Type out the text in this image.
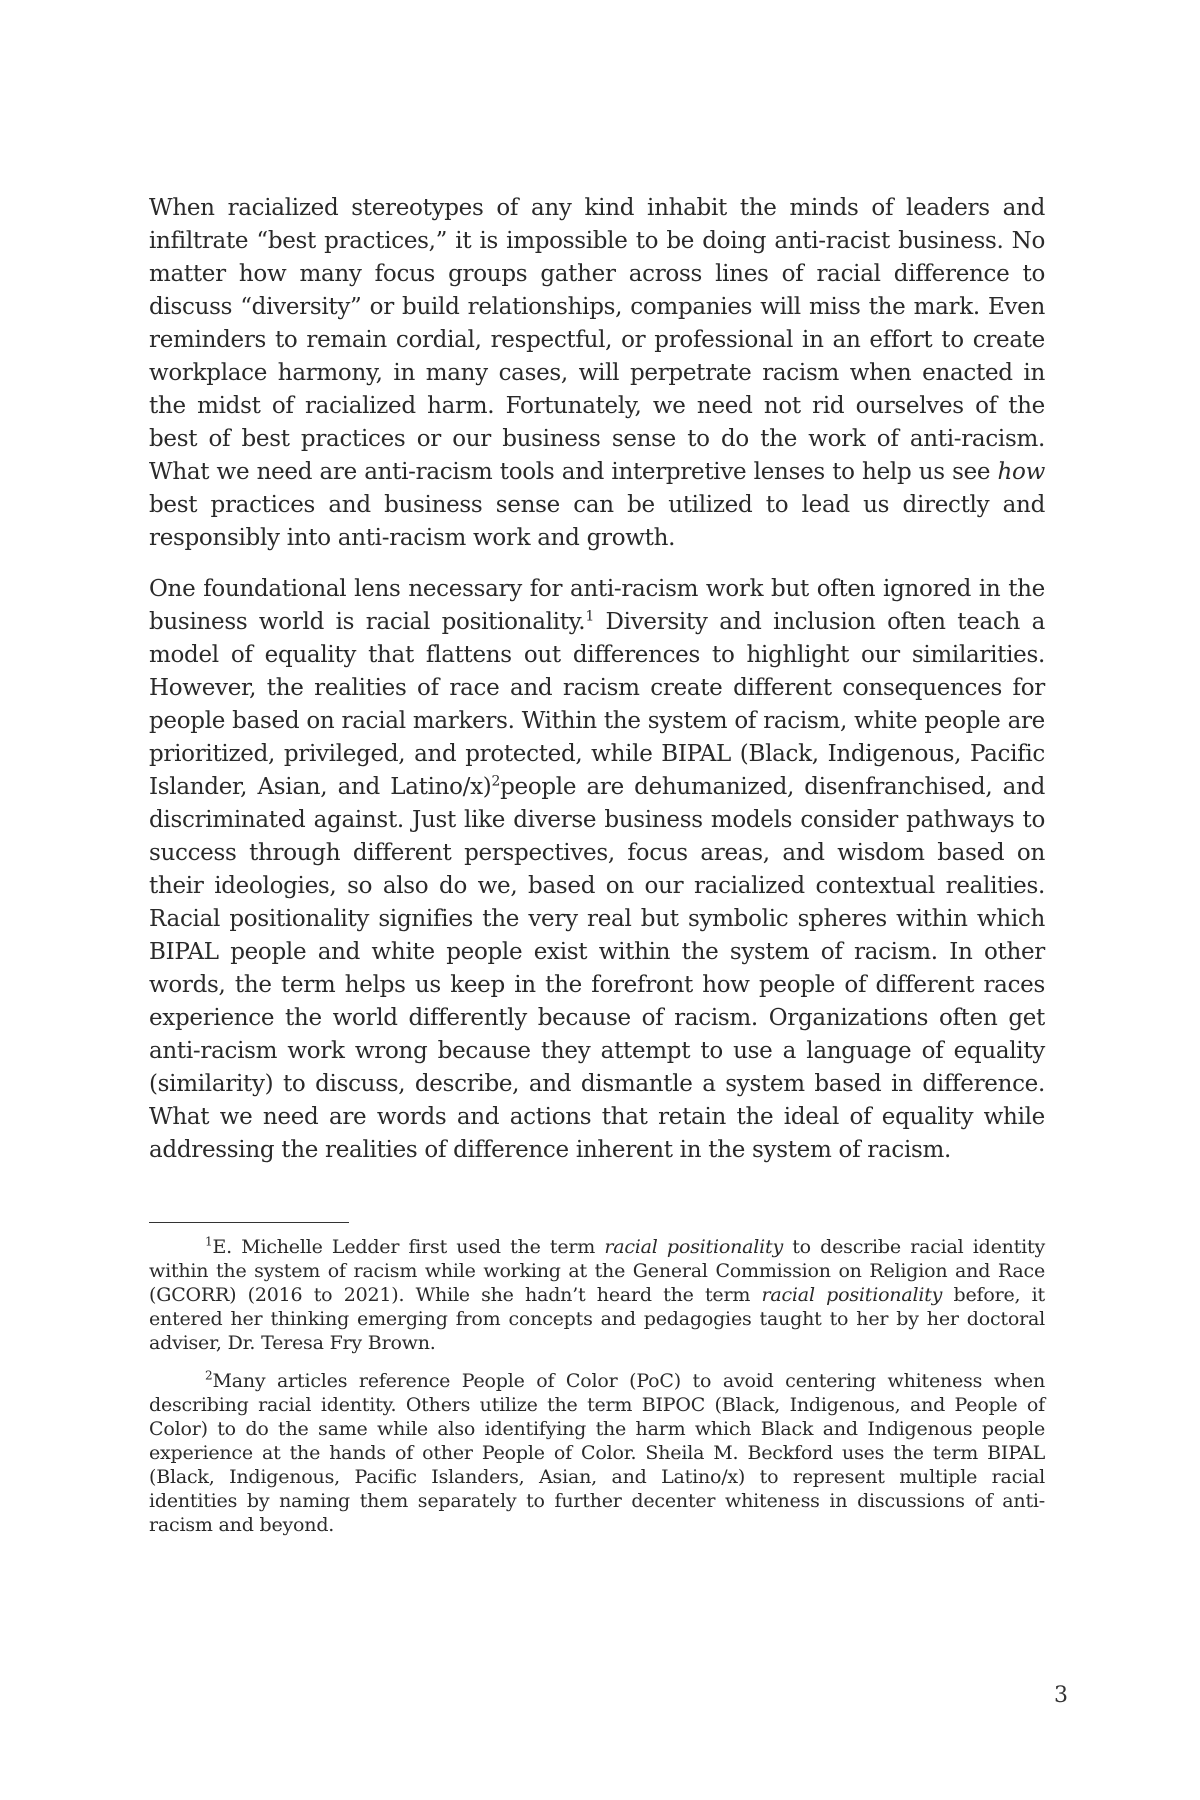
When racialized stereotypes of any kind inhabit the minds of leaders and infiltrate “best practices,” it is impossible to be doing anti-racist business. No matter how many focus groups gather across lines of racial difference to discuss “diversity” or build relationships, companies will miss the mark. Even reminders to remain cordial, respectful, or professional in an effort to create workplace harmony, in many cases, will perpetrate racism when enacted in the midst of racialized harm. Fortunately, we need not rid ourselves of the best of best practices or our business sense to do the work of anti-racism. What we need are anti-racism tools and interpretive lenses to help us see how best practices and business sense can be utilized to lead us directly and responsibly into anti-racism work and growth.

One foundational lens necessary for anti-racism work but often ignored in the business world is racial positionality.$^1$ Diversity and inclusion often teach a model of equality that flattens out differences to highlight our similarities. However, the realities of race and racism create different consequences for people based on racial markers. Within the system of racism, white people are prioritized, privileged, and protected, while BIPAL (Black, Indigenous, Pacific Islander, Asian, and Latino/x)$^2$people are dehumanized, disenfranchised, and discriminated against. Just like diverse business models consider pathways to success through different perspectives, focus areas, and wisdom based on their ideologies, so also do we, based on our racialized contextual realities. Racial positionality signifies the very real but symbolic spheres within which BIPAL people and white people exist within the system of racism. In other words, the term helps us keep in the forefront how people of different races experience the world differently because of racism. Organizations often get anti-racism work wrong because they attempt to use a language of equality (similarity) to discuss, describe, and dismantle a system based in difference. What we need are words and actions that retain the ideal of equality while addressing the realities of difference inherent in the system of racism.

$^1$E. Michelle Ledder first used the term racial positionality to describe racial identity within the system of racism while working at the General Commission on Religion and Race (GCORR) (2016 to 2021). While she hadn’t heard the term racial positionality before, it entered her thinking emerging from concepts and pedagogies taught to her by her doctoral adviser, Dr. Teresa Fry Brown.

$^2$Many articles reference People of Color (PoC) to avoid centering whiteness when describing racial identity. Others utilize the term BIPOC (Black, Indigenous, and People of Color) to do the same while also identifying the harm which Black and Indigenous people experience at the hands of other People of Color. Sheila M. Beckford uses the term BIPAL (Black, Indigenous, Pacific Islanders, Asian, and Latino/x) to represent multiple racial identities by naming them separately to further decenter whiteness in discussions of anti-racism and beyond.

3
